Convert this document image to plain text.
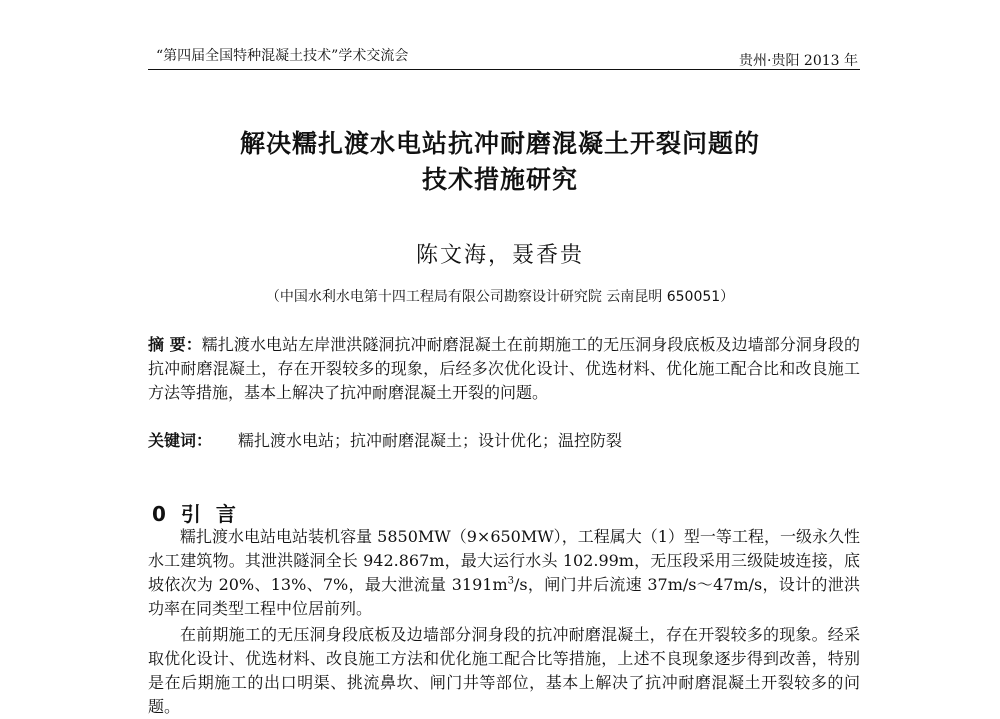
“第四届全国特种混凝土技术”学术交流会	贵州·贵阳 2013 年
解决糯扎渡水电站抗冲耐磨混凝土开裂问题的
技术措施研究
陈文海，聂香贵
（中国水利水电第十四工程局有限公司勘察设计研究院 云南昆明 650051）

摘 要：糯扎渡水电站左岸泄洪隧洞抗冲耐磨混凝土在前期施工的无压洞身段底板及边墙部分洞身段的抗冲耐磨混凝土，存在开裂较多的现象，后经多次优化设计、优选材料、优化施工配合比和改良施工方法等措施，基本上解决了抗冲耐磨混凝土开裂的问题。

关键词： 糯扎渡水电站；抗冲耐磨混凝土；设计优化；温控防裂

0 引 言

糯扎渡水电站电站装机容量 5850MW（9×650MW），工程属大（1）型一等工程，一级永久性水工建筑物。其泄洪隧洞全长 942.867m，最大运行水头 102.99m，无压段采用三级陡坡连接，底坡依次为 20%、13%、7%，最大泄流量 $3191m^3/s$，闸门井后流速 37m/s～47m/s，设计的泄洪功率在同类型工程中位居前列。

在前期施工的无压洞身段底板及边墙部分洞身段的抗冲耐磨混凝土，存在开裂较多的现象。经采取优化设计、优选材料、改良施工方法和优化施工配合比等措施，上述不良现象逐步得到改善，特别是在后期施工的出口明渠、挑流鼻坎、闸门井等部位，基本上解决了抗冲耐磨混凝土开裂较多的问题。
